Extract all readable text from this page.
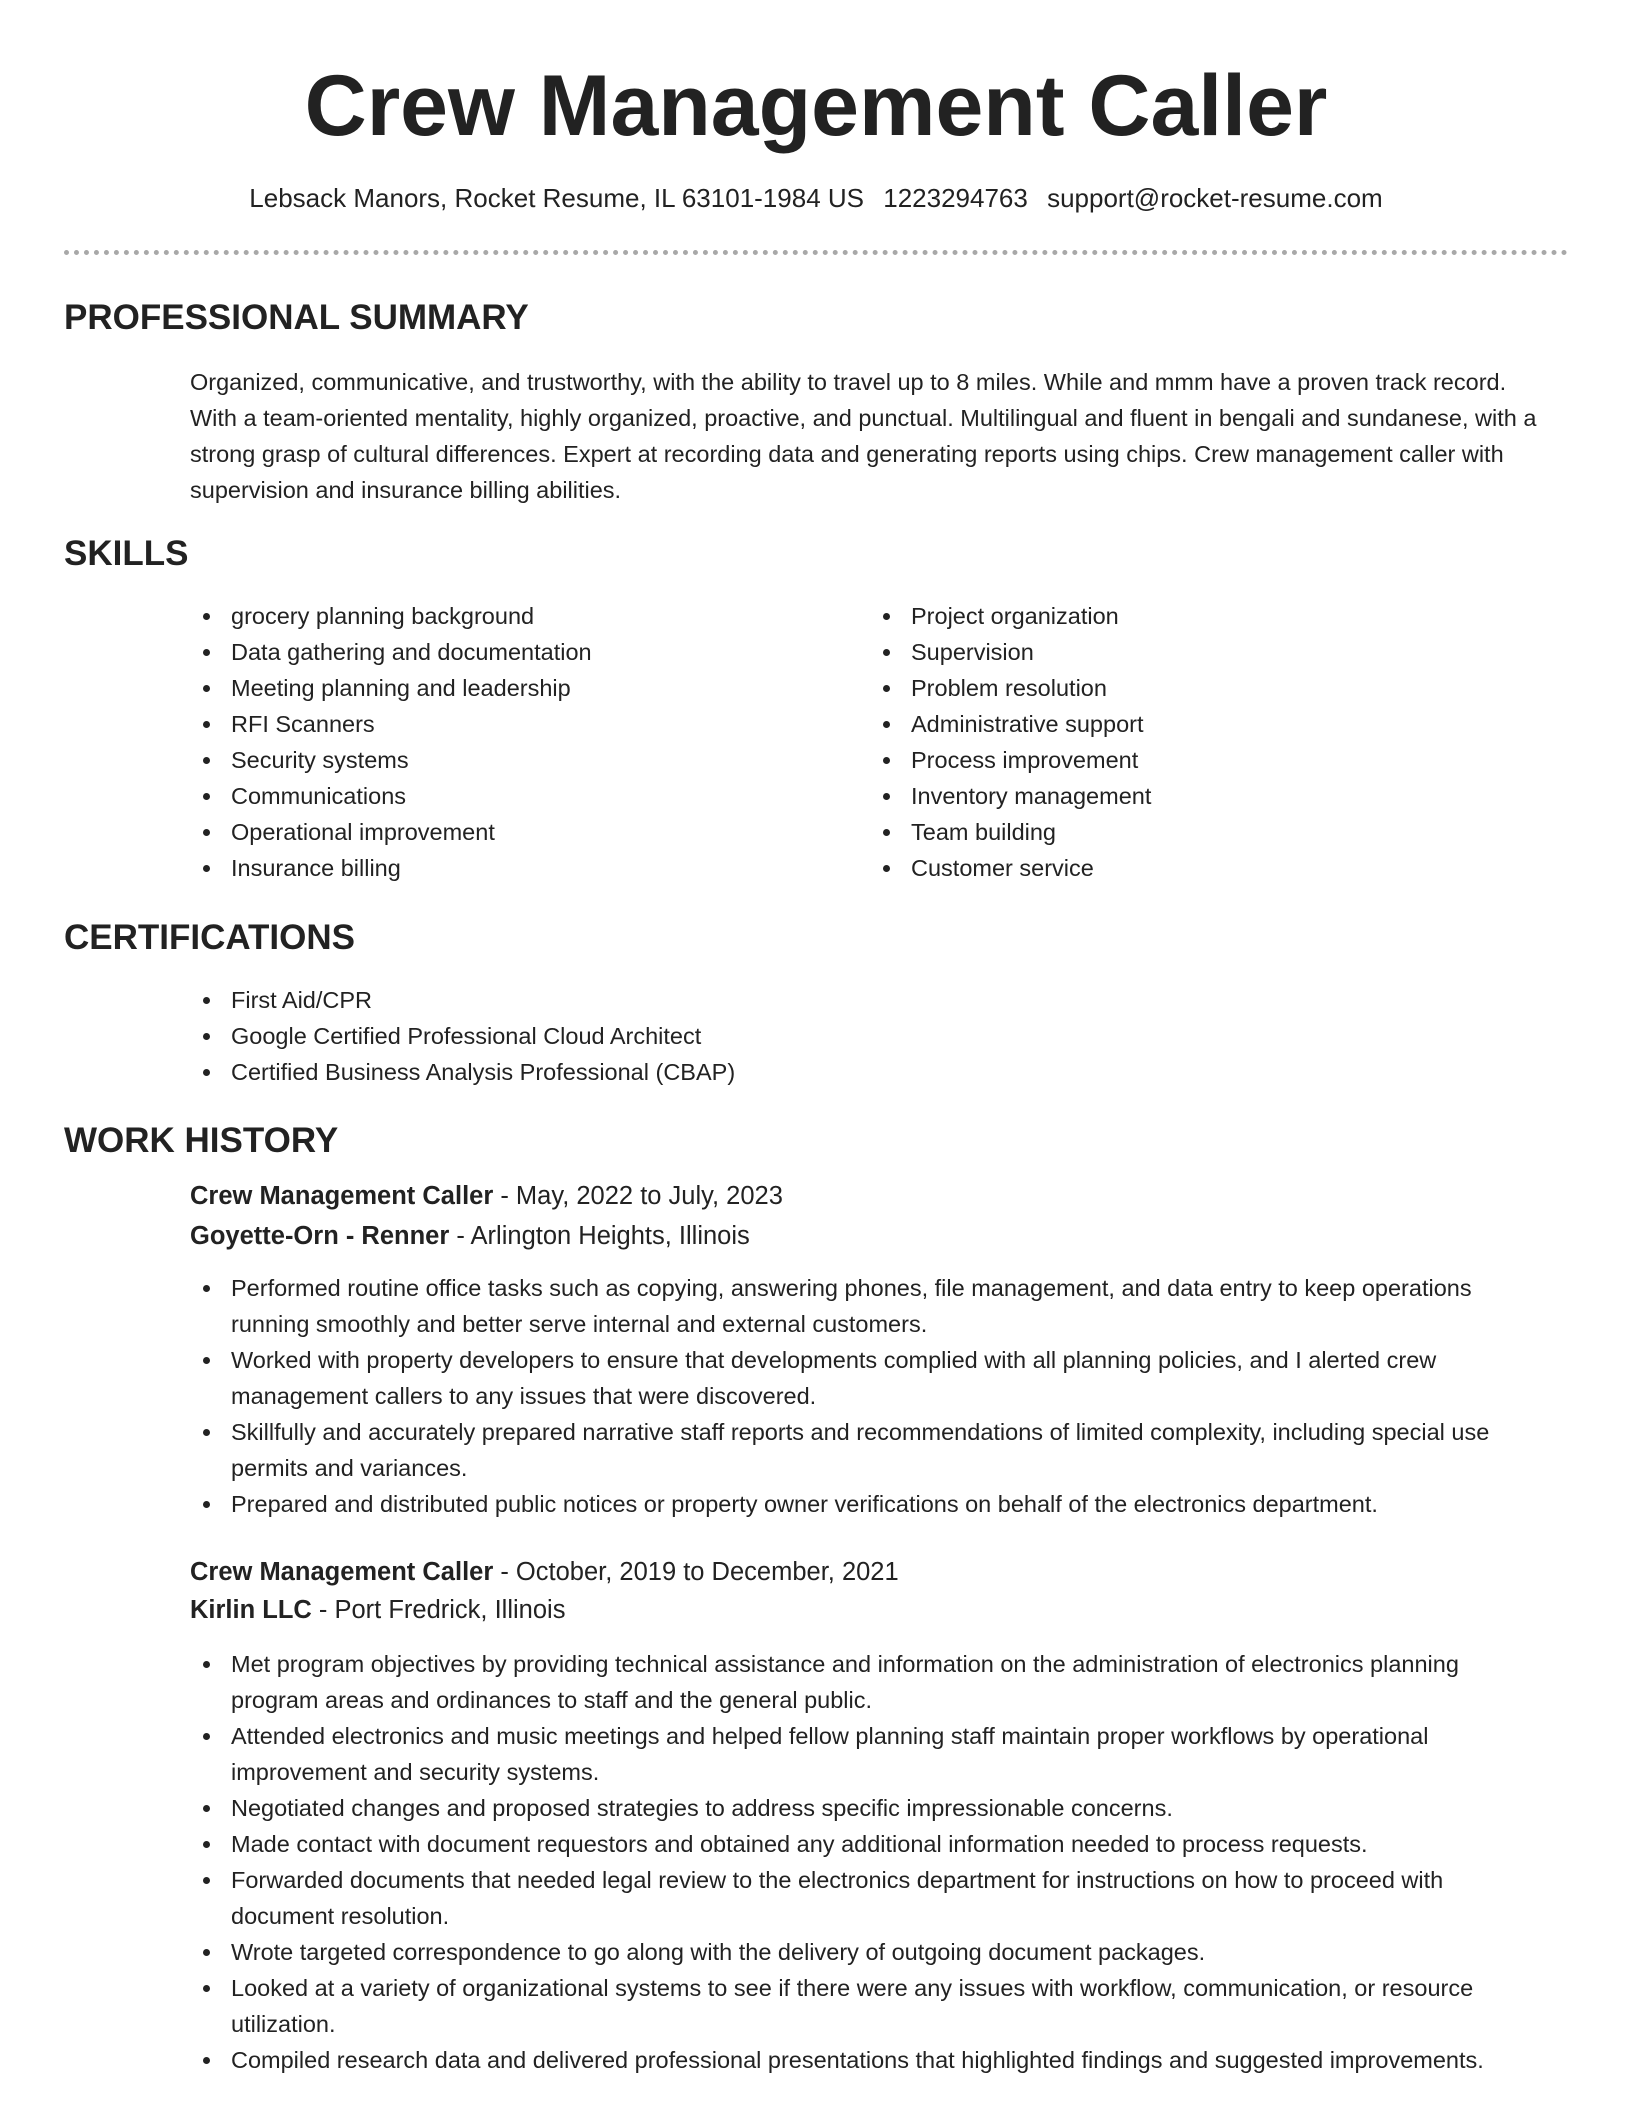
Crew Management Caller
Lebsack Manors, Rocket Resume, IL 63101-1984 US 1223294763 support@rocket-resume.com
PROFESSIONAL SUMMARY

Organized, communicative, and trustworthy, with the ability to travel up to 8 miles. While and mmm have a proven track record. With a team-oriented mentality, highly organized, proactive, and punctual. Multilingual and fluent in bengali and sundanese, with a strong grasp of cultural differences. Expert at recording data and generating reports using chips. Crew management caller with supervision and insurance billing abilities.

SKILLS
grocery planning background
Data gathering and documentation
Meeting planning and leadership
RFI Scanners
Security systems
Communications
Operational improvement
Insurance billing
Project organization
Supervision
Problem resolution
Administrative support
Process improvement
Inventory management
Team building
Customer service
CERTIFICATIONS
First Aid/CPR
Google Certified Professional Cloud Architect
Certified Business Analysis Professional (CBAP)
WORK HISTORY
Crew Management Caller - May, 2022 to July, 2023
Goyette-Orn - Renner - Arlington Heights, Illinois
Performed routine office tasks such as copying, answering phones, file management, and data entry to keep operations running smoothly and better serve internal and external customers.
Worked with property developers to ensure that developments complied with all planning policies, and I alerted crew management callers to any issues that were discovered.
Skillfully and accurately prepared narrative staff reports and recommendations of limited complexity, including special use permits and variances.
Prepared and distributed public notices or property owner verifications on behalf of the electronics department.
Crew Management Caller - October, 2019 to December, 2021
Kirlin LLC - Port Fredrick, Illinois
Met program objectives by providing technical assistance and information on the administration of electronics planning program areas and ordinances to staff and the general public.
Attended electronics and music meetings and helped fellow planning staff maintain proper workflows by operational improvement and security systems.
Negotiated changes and proposed strategies to address specific impressionable concerns.
Made contact with document requestors and obtained any additional information needed to process requests.
Forwarded documents that needed legal review to the electronics department for instructions on how to proceed with document resolution.
Wrote targeted correspondence to go along with the delivery of outgoing document packages.
Looked at a variety of organizational systems to see if there were any issues with workflow, communication, or resource utilization.
Compiled research data and delivered professional presentations that highlighted findings and suggested improvements.
